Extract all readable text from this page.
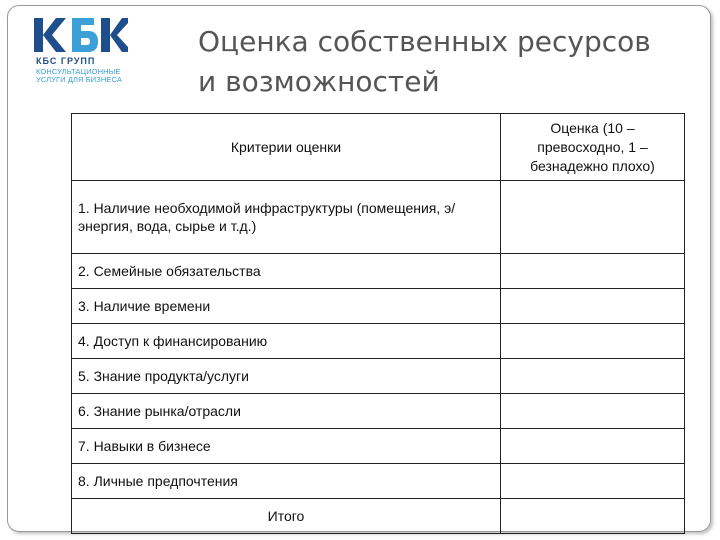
КБС ГРУПП
КОНСУЛЬТАЦИОННЫЕ УСЛУГИ ДЛЯ БИЗНЕСА
Оценка собственных ресурсов
и возможностей
Критерии оценки	Оценка (10 – превосходно, 1 – безнадежно плохо)
1. Наличие необходимой инфраструктуры (помещения, э/энергия, вода, сырье и т.д.)	
2. Семейные обязательства	
3. Наличие времени	
4. Доступ к финансированию	
5. Знание продукта/услуги	
6. Знание рынка/отрасли	
7. Навыки в бизнесе	
8. Личные предпочтения	
Итого	
